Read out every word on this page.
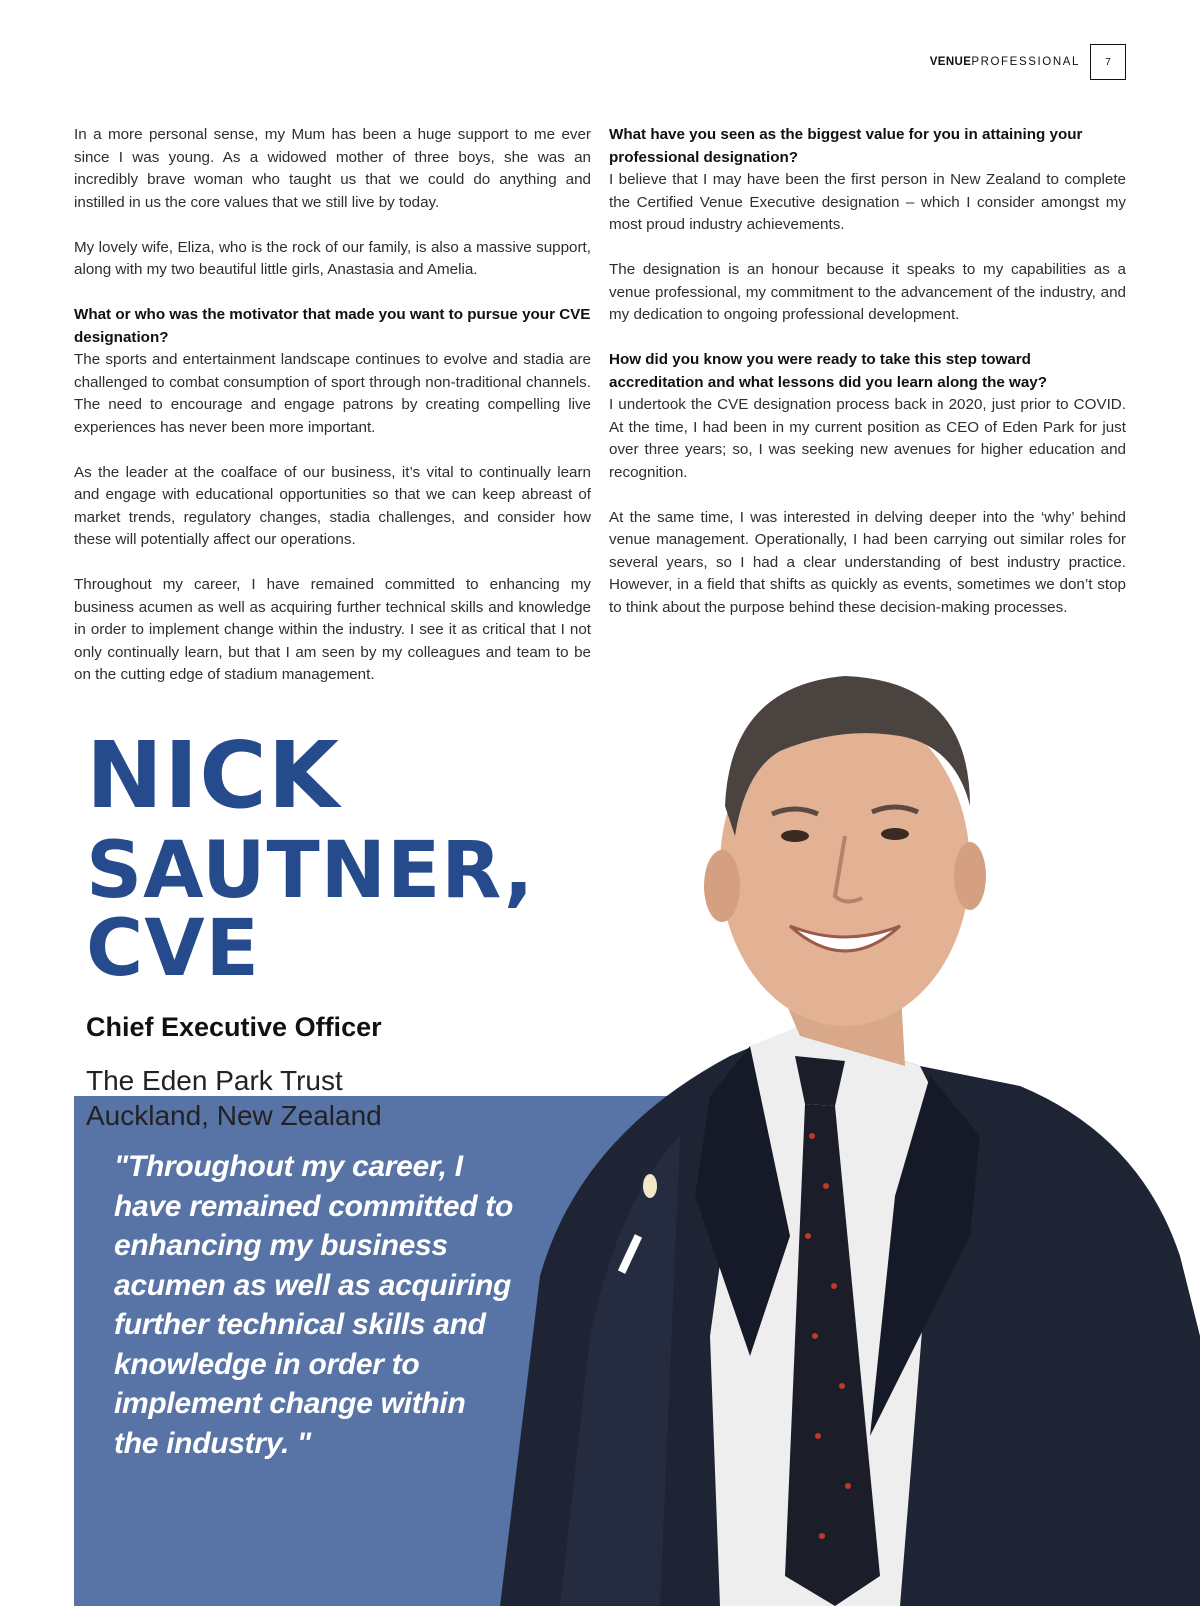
VENUEPROFESSIONAL	7

In a more personal sense, my Mum has been a huge support to me ever since I was young. As a widowed mother of three boys, she was an incredibly brave woman who taught us that we could do anything and instilled in us the core values that we still live by today.

My lovely wife, Eliza, who is the rock of our family, is also a massive support, along with my two beautiful little girls, Anastasia and Amelia.

What or who was the motivator that made you want to pursue your CVE designation?

The sports and entertainment landscape continues to evolve and stadia are challenged to combat consumption of sport through non-traditional channels. The need to encourage and engage patrons by creating compelling live experiences has never been more important.

As the leader at the coalface of our business, it’s vital to continually learn and engage with educational opportunities so that we can keep abreast of market trends, regulatory changes, stadia challenges, and consider how these will potentially affect our operations.

Throughout my career, I have remained committed to enhancing my business acumen as well as acquiring further technical skills and knowledge in order to implement change within the industry. I see it as critical that I not only continually learn, but that I am seen by my colleagues and team to be on the cutting edge of stadium management.

What have you seen as the biggest value for you in attaining your professional designation?

I believe that I may have been the first person in New Zealand to complete the Certified Venue Executive designation – which I consider amongst my most proud industry achievements.

The designation is an honour because it speaks to my capabilities as a venue professional, my commitment to the advancement of the industry, and my dedication to ongoing professional development.

How did you know you were ready to take this step toward accreditation and what lessons did you learn along the way?

I undertook the CVE designation process back in 2020, just prior to COVID. At the time, I had been in my current position as CEO of Eden Park for just over three years; so, I was seeking new avenues for higher education and recognition.

At the same time, I was interested in delving deeper into the ‘why’ behind venue management. Operationally, I had been carrying out similar roles for several years, so I had a clear understanding of best industry practice. However, in a field that shifts as quickly as events, sometimes we don’t stop to think about the purpose behind these decision-making processes.

NICK
SAUTNER, CVE
Chief Executive Officer
The Eden Park Trust
Auckland, New Zealand
"Throughout my career, I have remained committed to enhancing my business acumen as well as acquiring further technical skills and knowledge in order to implement change within the industry. "
